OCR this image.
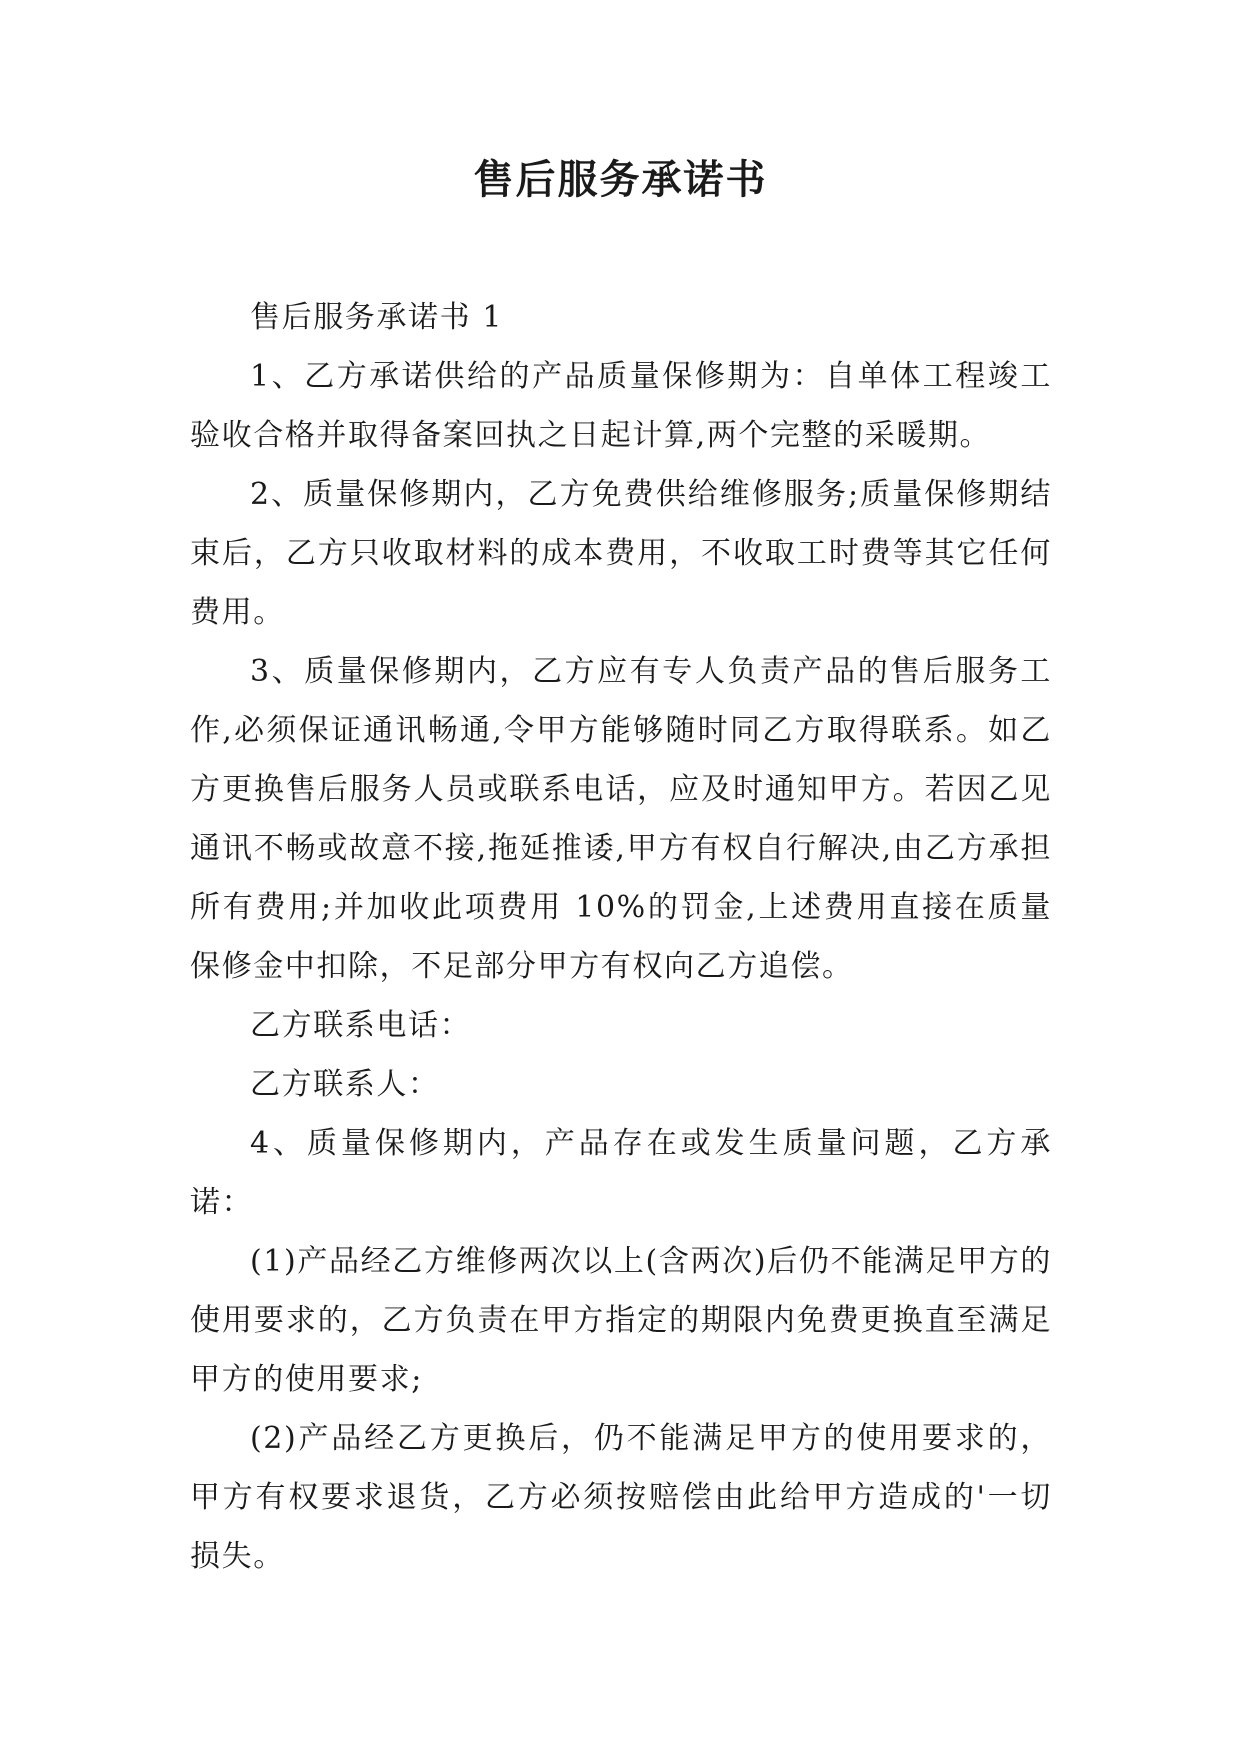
售后服务承诺书

售后服务承诺书 1

1、乙方承诺供给的产品质量保修期为：自单体工程竣工验收合格并取得备案回执之日起计算,两个完整的采暖期。

2、质量保修期内，乙方免费供给维修服务;质量保修期结束后，乙方只收取材料的成本费用，不收取工时费等其它任何费用。

3、质量保修期内，乙方应有专人负责产品的售后服务工作,必须保证通讯畅通,令甲方能够随时同乙方取得联系。如乙方更换售后服务人员或联系电话，应及时通知甲方。若因乙见通讯不畅或故意不接,拖延推诿,甲方有权自行解决,由乙方承担所有费用;并加收此项费用 10%的罚金,上述费用直接在质量保修金中扣除，不足部分甲方有权向乙方追偿。

乙方联系电话：

乙方联系人：

4、质量保修期内，产品存在或发生质量问题，乙方承诺：

(1)产品经乙方维修两次以上(含两次)后仍不能满足甲方的使用要求的，乙方负责在甲方指定的期限内免费更换直至满足甲方的使用要求;

(2)产品经乙方更换后，仍不能满足甲方的使用要求的，甲方有权要求退货，乙方必须按赔偿由此给甲方造成的'一切损失。
